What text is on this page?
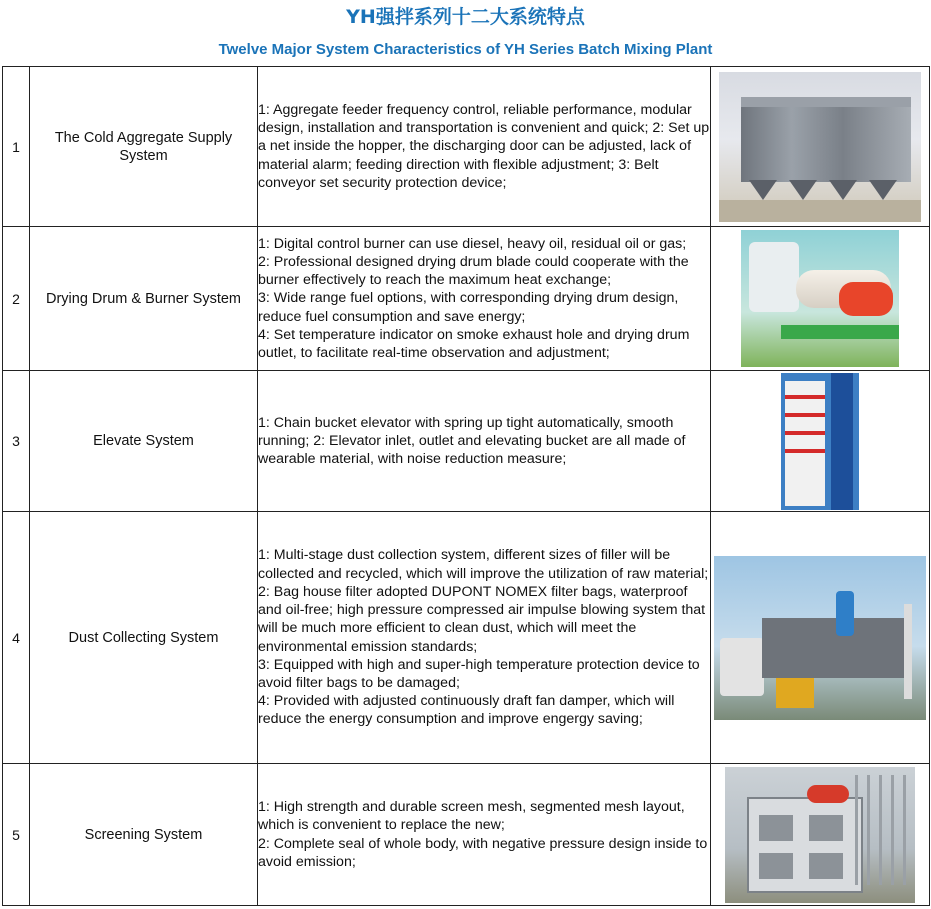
YH强拌系列十二大系统特点
Twelve Major System Characteristics of YH Series Batch Mixing Plant
1	The Cold Aggregate Supply System	1: Aggregate feeder frequency control, reliable performance, modular design, installation and transportation is convenient and quick; 2: Set up a net inside the hopper, the discharging door can be adjusted, lack of material alarm; feeding direction with flexible adjustment; 3: Belt conveyor set security protection device;	

2	Drying Drum & Burner System	1: Digital control burner can use diesel, heavy oil, residual oil or gas;
2: Professional designed drying drum blade could cooperate with the burner effectively to reach the maximum heat exchange;
3: Wide range fuel options, with corresponding drying drum design, reduce fuel consumption and save energy;
4: Set temperature indicator on smoke exhaust hole and drying drum outlet, to facilitate real-time observation and adjustment;	

3	Elevate System	1: Chain bucket elevator with spring up tight automatically, smooth running; 2: Elevator inlet, outlet and elevating bucket are all made of wearable material, with noise reduction measure;	

4	Dust Collecting System	1: Multi-stage dust collection system, different sizes of filler will be collected and recycled, which will improve the utilization of raw material; 2: Bag house filter adopted DUPONT NOMEX filter bags, waterproof and oil-free; high pressure compressed air impulse blowing system that will be much more efficient to clean dust, which will meet the environmental emission standards;
3: Equipped with high and super-high temperature protection device to avoid filter bags to be damaged;
4: Provided with adjusted continuously draft fan damper, which will reduce the energy consumption and improve engergy saving;	

5	Screening System	1: High strength and durable screen mesh, segmented mesh layout, which is convenient to replace the new;
2: Complete seal of whole body, with negative pressure design inside to avoid emission;	
